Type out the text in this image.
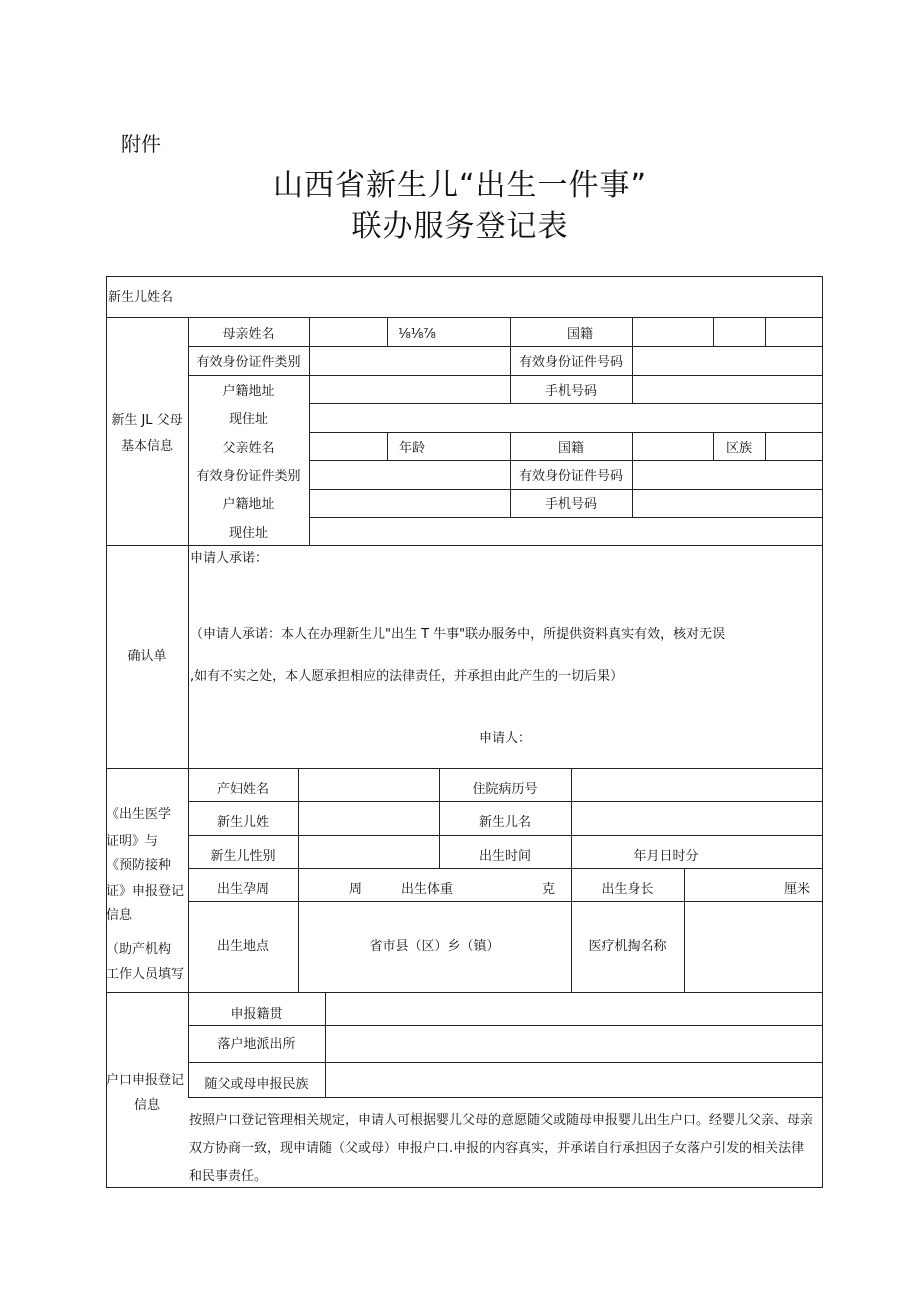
附件
山西省新生儿“出生一件事”
联办服务登记表
新生儿姓名
新生 JL 父母
基本信息
母亲姓名	⅛⅛⅞	国籍
有效身份证件类别	有效身份证件号码
户籍地址	手机号码
现住址
父亲姓名	年龄	国籍	区族
有效身份证件类别	有效身份证件号码
户籍地址	手机号码
现住址
确认单
申请人承诺：
（申请人承诺：本人在办理新生儿"出生 T 牛事"联办服务中，所提供资料真实有效，核对无误
,如有不实之处，本人愿承担相应的法律责任，并承担由此产生的一切后果）
申请人：
《出生医学
证明》与
《预防接种
证》申报登记
信息
（助产机构
工作人员填写
产妇姓名	住院病历号
新生儿姓	新生儿名
新生儿性别	出生时间	年月日时分
出生孕周	周	出生体重	克	出生身长	厘米
出生地点	省市县（区）乡（镇）	医疗机掏名称
户口申报登记
信息
申报籍贯
落户地派出所
随父或母申报民族
按照户口登记管理相关规定，申请人可根据婴儿父母的意愿随父或随母申报婴儿出生户口。经婴儿父亲、母亲
双方协商一致，现申请随（父或母）申报户口.申报的内容真实，并承诺自行承担因子女落户引发的相关法律
和民事责任。
